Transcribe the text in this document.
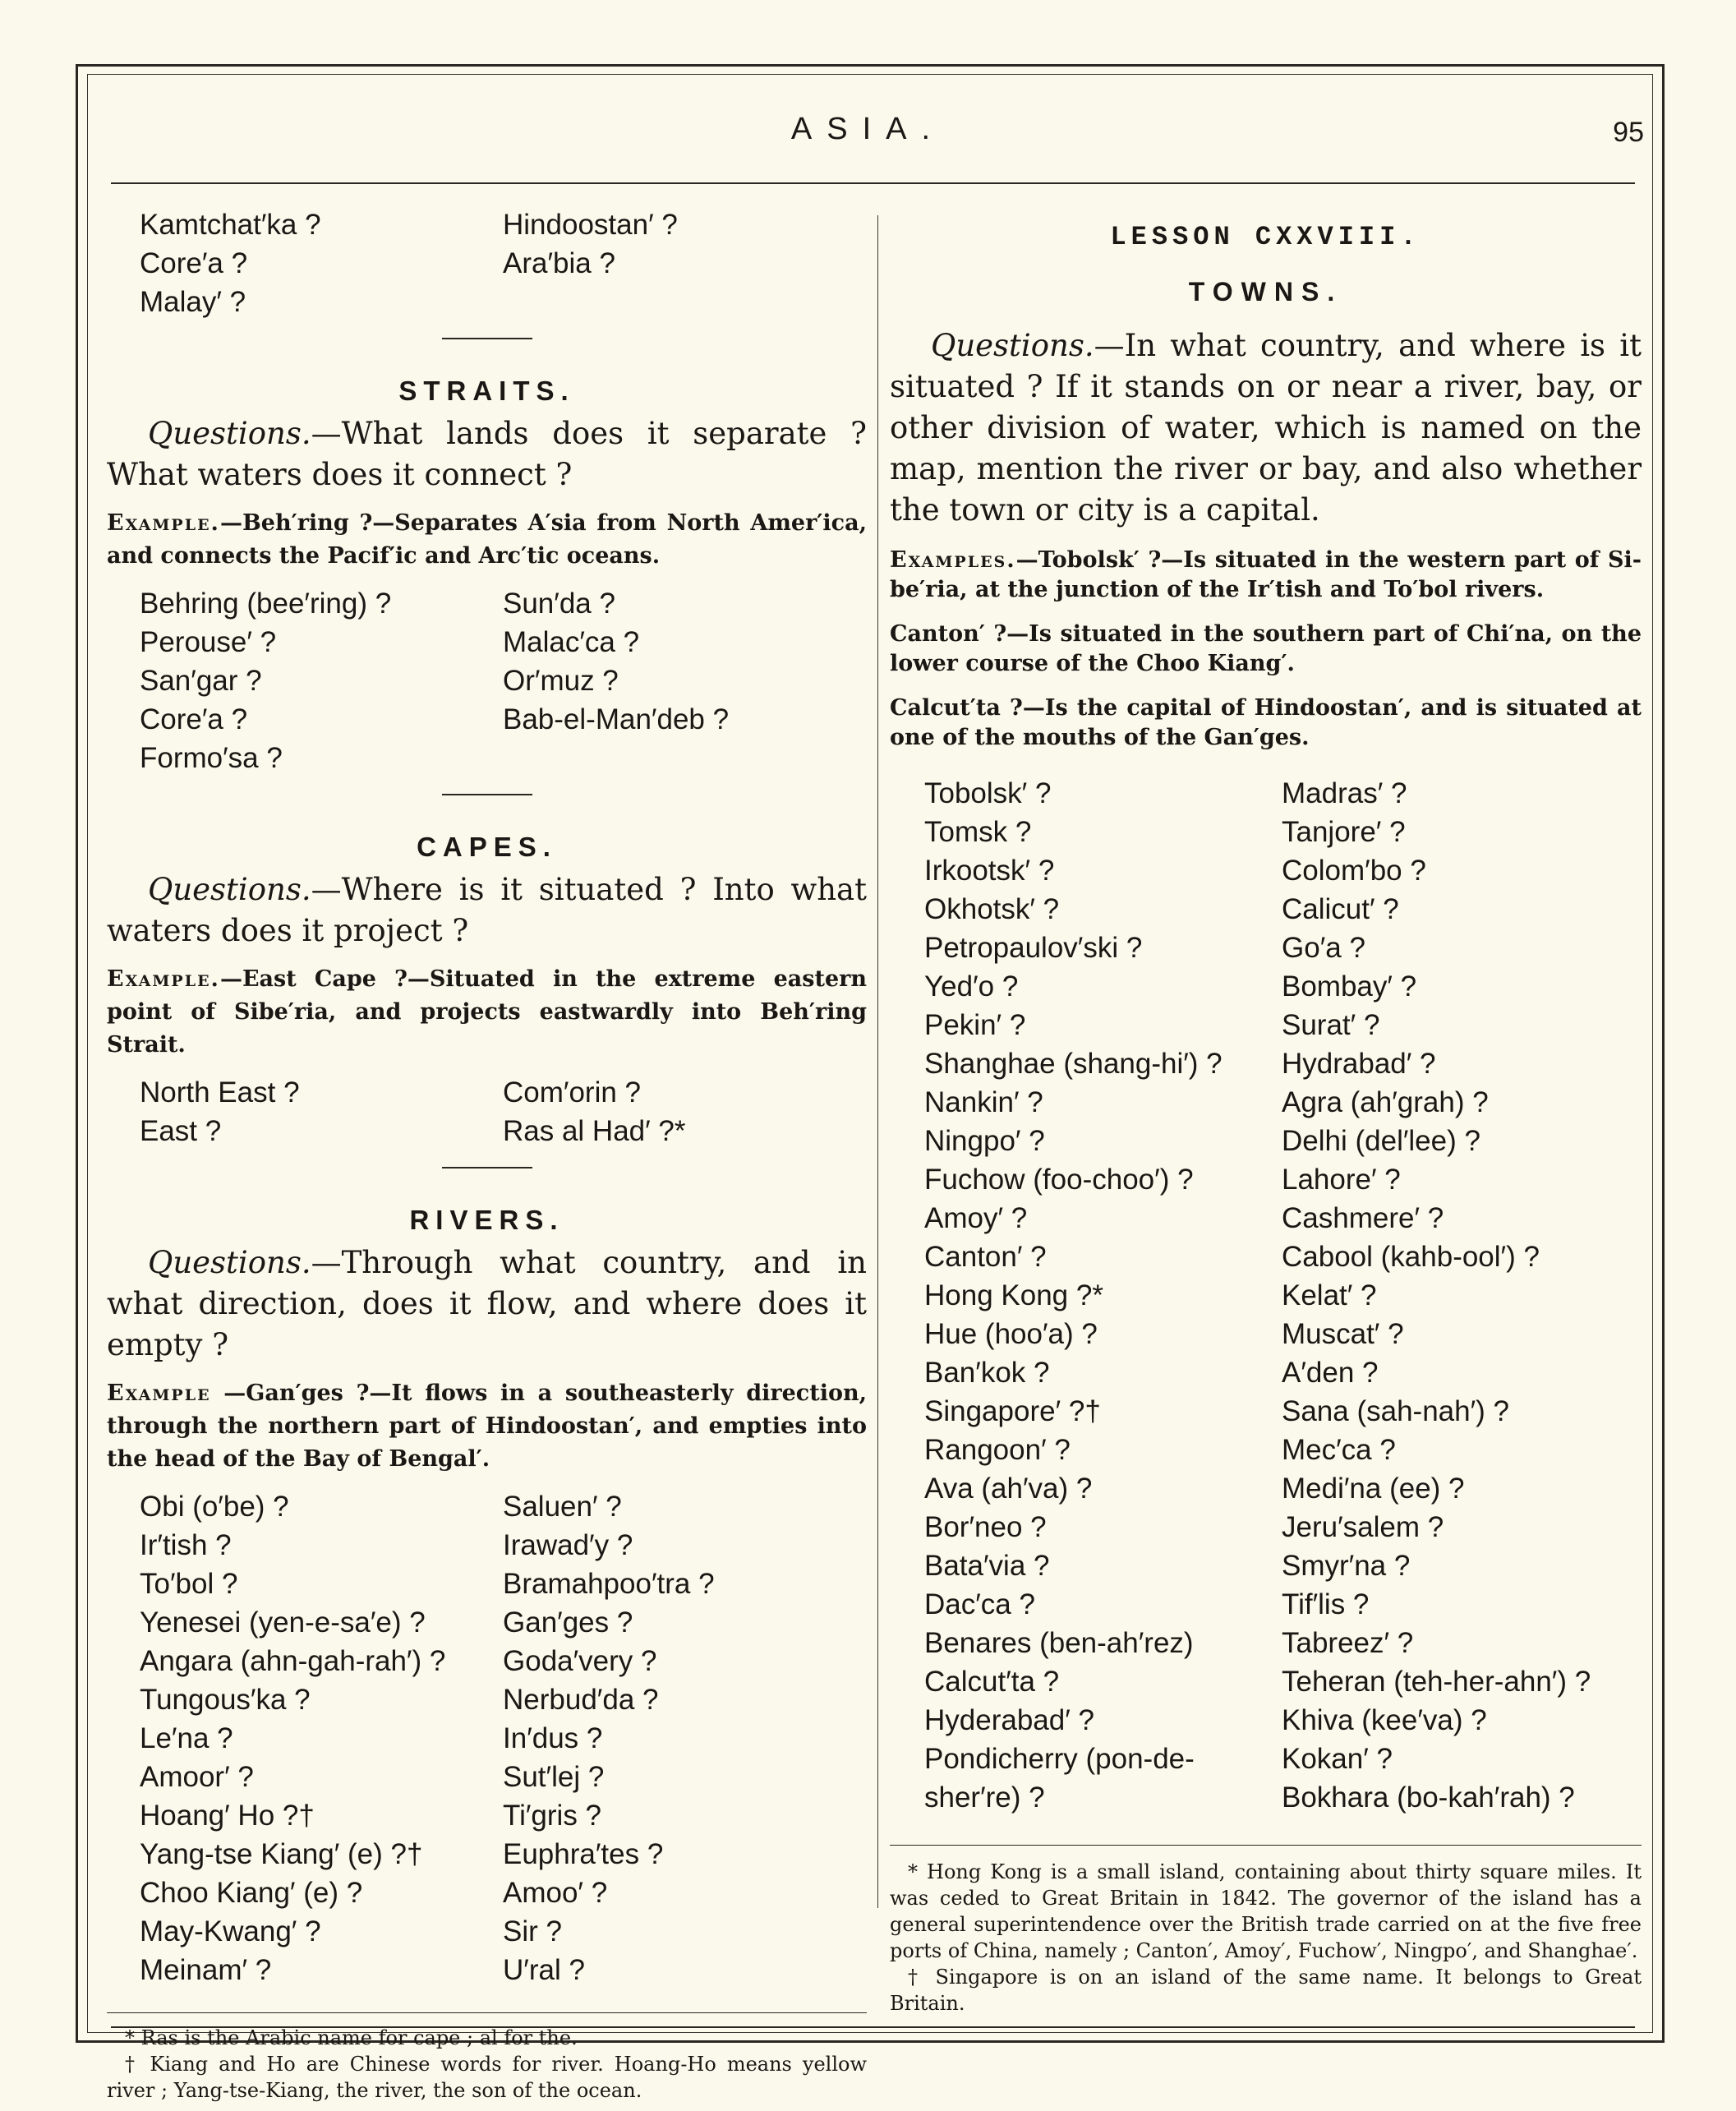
ASIA.	95
Kamtchat′ka ?	Hindoostan′ ?
Core′a ?	Ara′bia ?
Malay′ ?
STRAITS.

Questions.—What lands does it separate ? What waters does it connect ?

Example.—Beh′ring ?—Separates A′sia from North Amer′ica, and connects the Pacif′ic and Arc′tic oceans.

Behring (bee′ring) ?	Sun′da ?
Perouse′ ?	Malac′ca ?
San′gar ?	Or′muz ?
Core′a ?	Bab-el-Man′deb ?
Formo′sa ?
CAPES.

Questions.—Where is it situated ? Into what waters does it project ?

Example.—East Cape ?—Situated in the extreme eastern point of Sibe′ria, and projects eastwardly into Beh′ring Strait.

North East ?	Com′orin ?
East ?	Ras al Had′ ?*
RIVERS.

Questions.—Through what country, and in what direction, does it flow, and where does it empty ?

Example —Gan′ges ?—It flows in a southeasterly direction, through the northern part of Hindoostan′, and empties into the head of the Bay of Bengal′.

Obi (o′be) ?	Saluen′ ?
Ir′tish ?	Irawad′y ?
To′bol ?	Bramahpoo′tra ?
Yenesei (yen-e-sa′e) ?	Gan′ges ?
Angara (ahn-gah-rah′) ?	Goda′very ?
Tungous′ka ?	Nerbud′da ?
Le′na ?	In′dus ?
Amoor′ ?	Sut′lej ?
Hoang′ Ho ?†	Ti′gris ?
Yang-tse Kiang′ (e) ?†	Euphra′tes ?
Choo Kiang′ (e) ?	Amoo′ ?
May-Kwang′ ?	Sir ?
Meinam′ ?	U′ral ?

* Ras is the Arabic name for cape ; al for the.

† Kiang and Ho are Chinese words for river. Hoang-Ho means yellow river ; Yang-tse-Kiang, the river, the son of the ocean.

LESSON CXXVIII.
TOWNS.

Questions.—In what country, and where is it situated ? If it stands on or near a river, bay, or other division of water, which is named on the map, mention the river or bay, and also whether the town or city is a capital.

Examples.—Tobolsk′ ?—Is situated in the western part of Si-be′ria, at the junction of the Ir′tish and To′bol rivers.

Canton′ ?—Is situated in the southern part of Chi′na, on the lower course of the Choo Kiang′.

Calcut′ta ?—Is the capital of Hindoostan′, and is situated at one of the mouths of the Gan′ges.

Tobolsk′ ?	Madras′ ?
Tomsk ?	Tanjore′ ?
Irkootsk′ ?	Colom′bo ?
Okhotsk′ ?	Calicut′ ?
Petropaulov′ski ?	Go′a ?
Yed′o ?	Bombay′ ?
Pekin′ ?	Surat′ ?
Shanghae (shang-hi′) ?	Hydrabad′ ?
Nankin′ ?	Agra (ah′grah) ?
Ningpo′ ?	Delhi (del′lee) ?
Fuchow (foo-choo′) ?	Lahore′ ?
Amoy′ ?	Cashmere′ ?
Canton′ ?	Cabool (kahb-ool′) ?
Hong Kong ?*	Kelat′ ?
Hue (hoo′a) ?	Muscat′ ?
Ban′kok ?	A′den ?
Singapore′ ?†	Sana (sah-nah′) ?
Rangoon′ ?	Mec′ca ?
Ava (ah′va) ?	Medi′na (ee) ?
Bor′neo ?	Jeru′salem ?
Bata′via ?	Smyr′na ?
Dac′ca ?	Tif′lis ?
Benares (ben-ah′rez)	Tabreez′ ?
Calcut′ta ?	Teheran (teh-her-ahn′) ?
Hyderabad′ ?	Khiva (kee′va) ?
Pondicherry (pon-de-	Kokan′ ?
sher′re) ?	Bokhara (bo-kah′rah) ?

* Hong Kong is a small island, containing about thirty square miles. It was ceded to Great Britain in 1842. The governor of the island has a general superintendence over the British trade carried on at the five free ports of China, namely ; Canton′, Amoy′, Fuchow′, Ningpo′, and Shanghae′.

† Singapore is on an island of the same name. It belongs to Great Britain.
